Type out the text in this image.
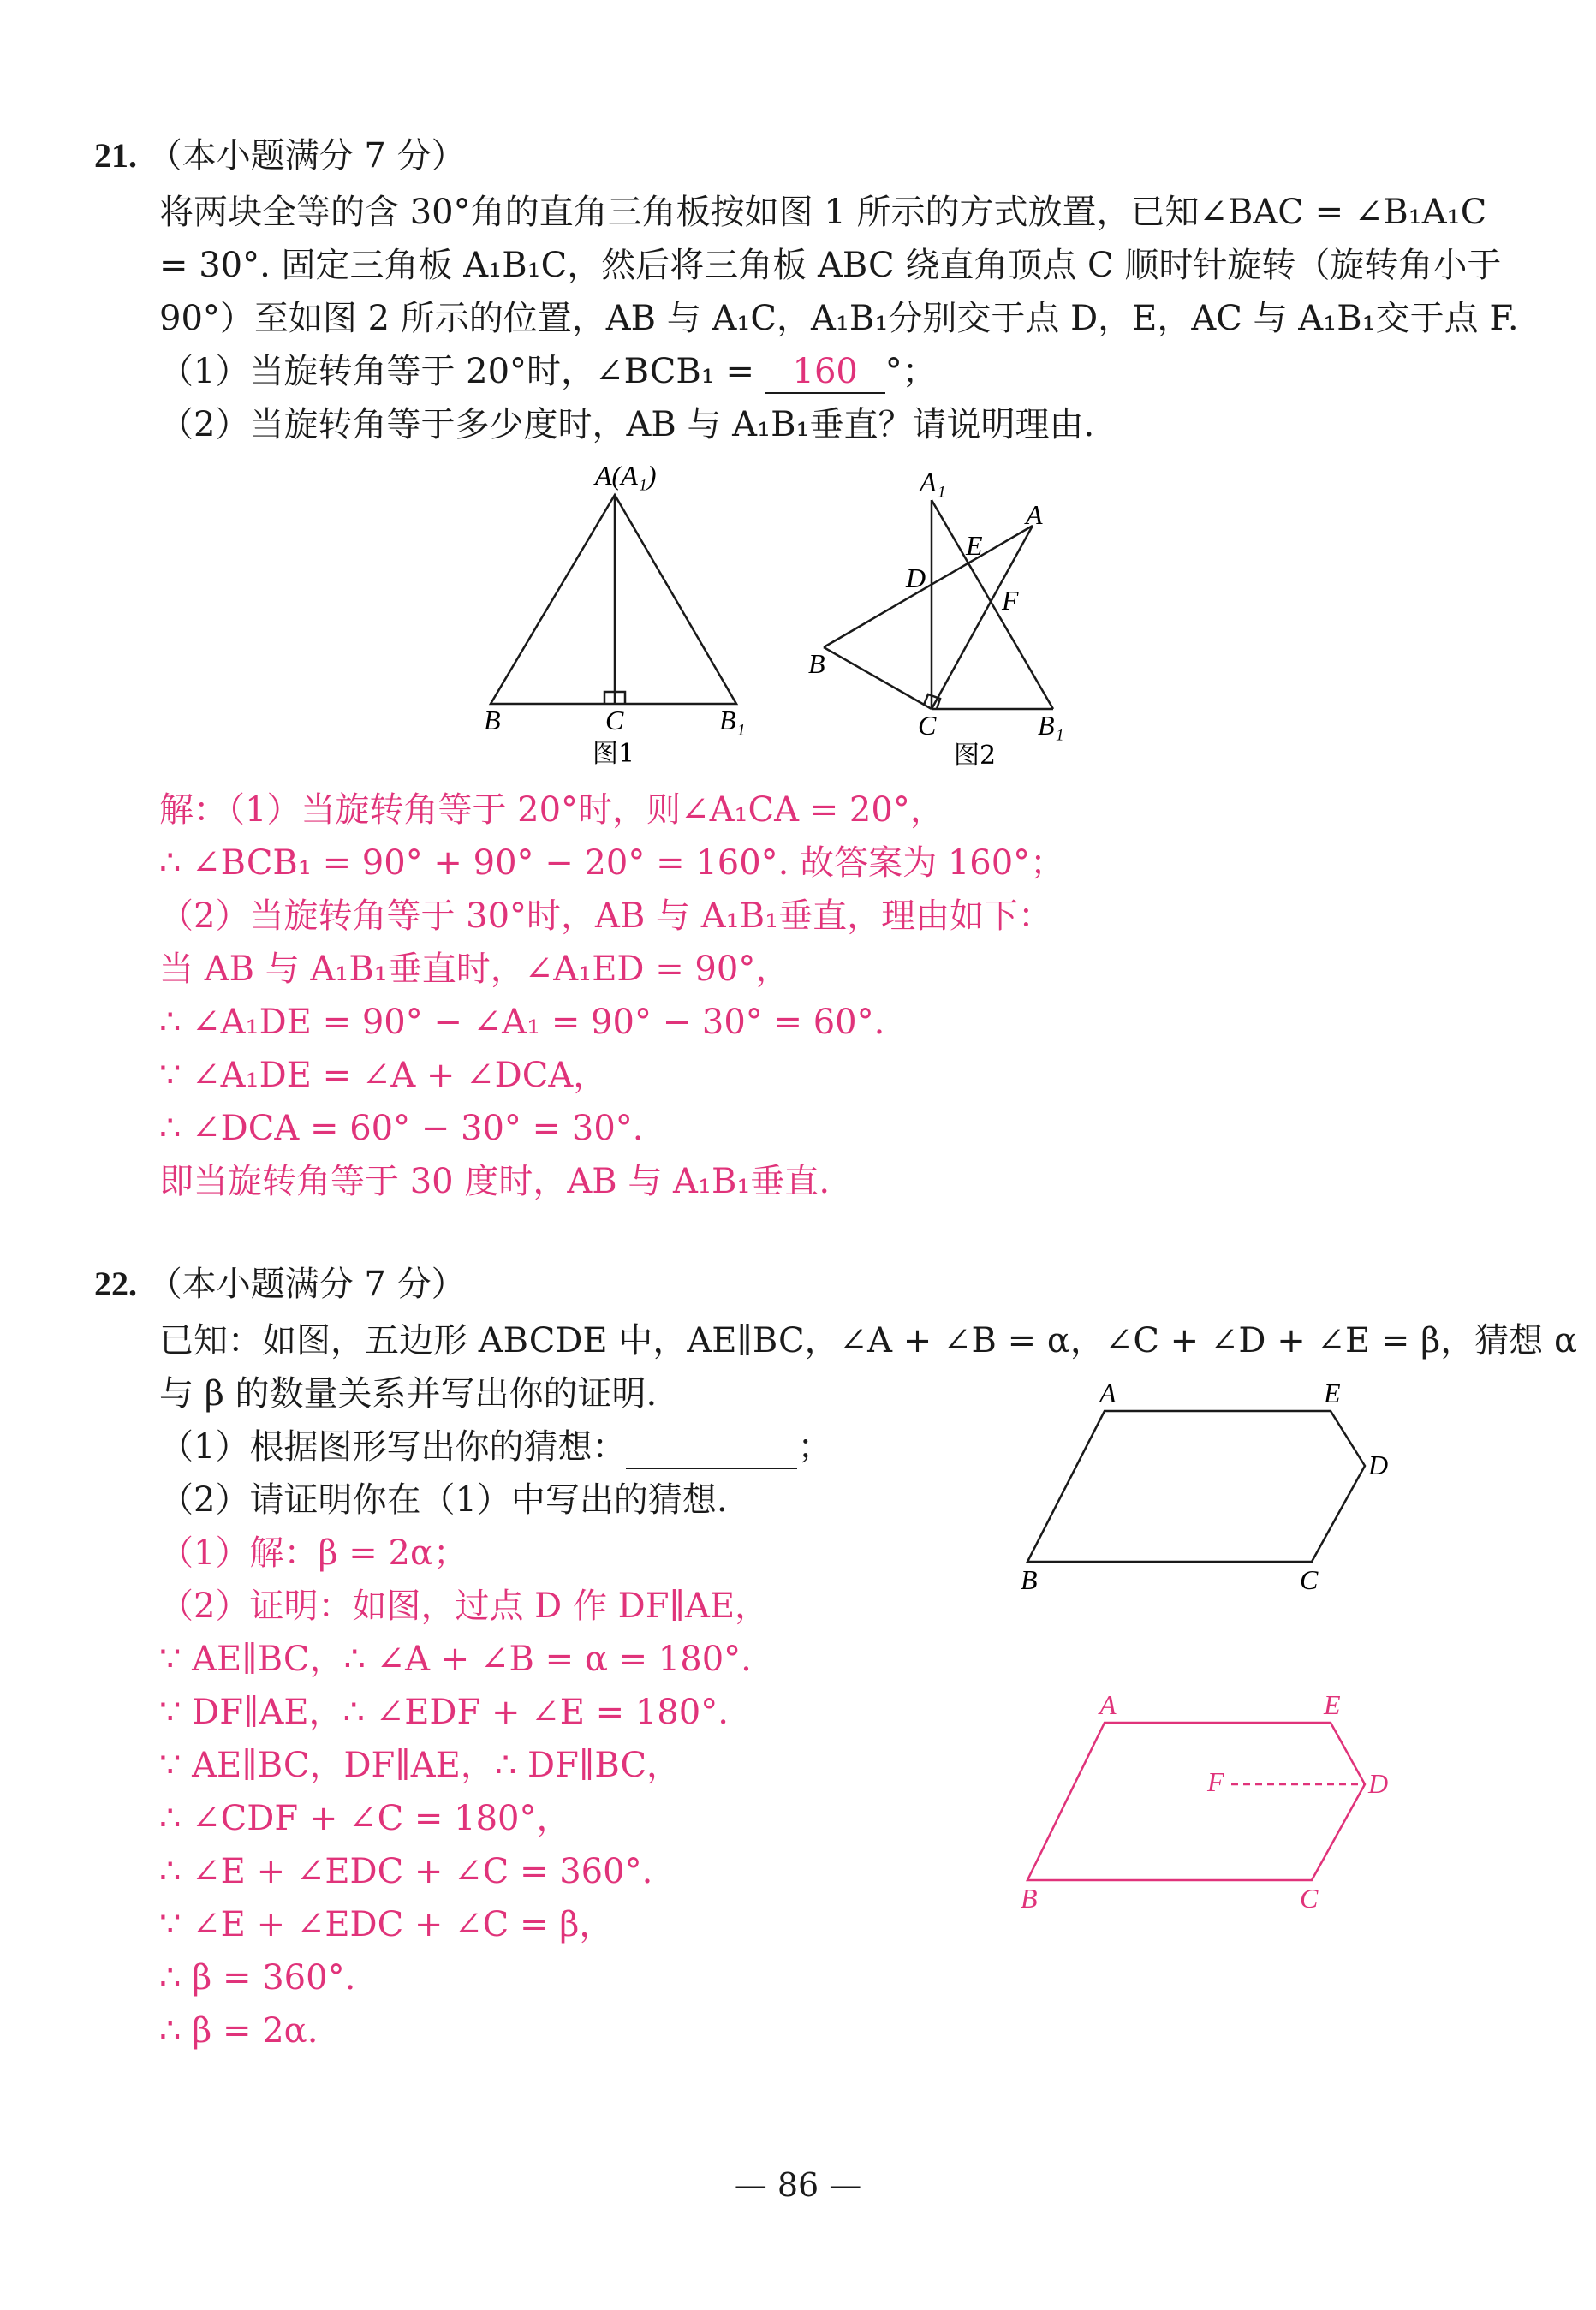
21. （本小题满分 7 分）
将两块全等的含 30°角的直角三角板按如图 1 所示的方式放置，已知∠BAC = ∠B₁A₁C
= 30°. 固定三角板 A₁B₁C，然后将三角板 ABC 绕直角顶点 C 顺时针旋转（旋转角小于
90°）至如图 2 所示的位置，AB 与 A₁C，A₁B₁分别交于点 D，E，AC 与 A₁B₁交于点 F.
（1）当旋转角等于 20°时，∠BCB₁ = 160 °；
（2）当旋转角等于多少度时，AB 与 A₁B₁垂直？请说明理由.
A(A₁)
B	C	B₁
图1
A₁
A
E
D
F
B
C	B₁
图2
解：（1）当旋转角等于 20°时，则∠A₁CA = 20°，
∴ ∠BCB₁ = 90° + 90° − 20° = 160°. 故答案为 160°；
（2）当旋转角等于 30°时，AB 与 A₁B₁垂直，理由如下：
当 AB 与 A₁B₁垂直时，∠A₁ED = 90°，
∴ ∠A₁DE = 90° − ∠A₁ = 90° − 30° = 60°.
∵ ∠A₁DE = ∠A + ∠DCA，
∴ ∠DCA = 60° − 30° = 30°.
即当旋转角等于 30 度时，AB 与 A₁B₁垂直.
22. （本小题满分 7 分）
已知：如图，五边形 ABCDE 中，AE∥BC，∠A + ∠B = α，∠C + ∠D + ∠E = β，猜想 α
与 β 的数量关系并写出你的证明.
（1）根据图形写出你的猜想：	；
（2）请证明你在（1）中写出的猜想.
（1）解：β = 2α；
（2）证明：如图，过点 D 作 DF∥AE，
∵ AE∥BC，∴ ∠A + ∠B = α = 180°.
∵ DF∥AE，∴ ∠EDF + ∠E = 180°.
∵ AE∥BC，DF∥AE，∴ DF∥BC，
∴ ∠CDF + ∠C = 180°，
∴ ∠E + ∠EDC + ∠C = 360°.
∵ ∠E + ∠EDC + ∠C = β，
∴ β = 360°.
∴ β = 2α.
A	E
D
B	C
A	E
D
F
B	C
— 86 —
